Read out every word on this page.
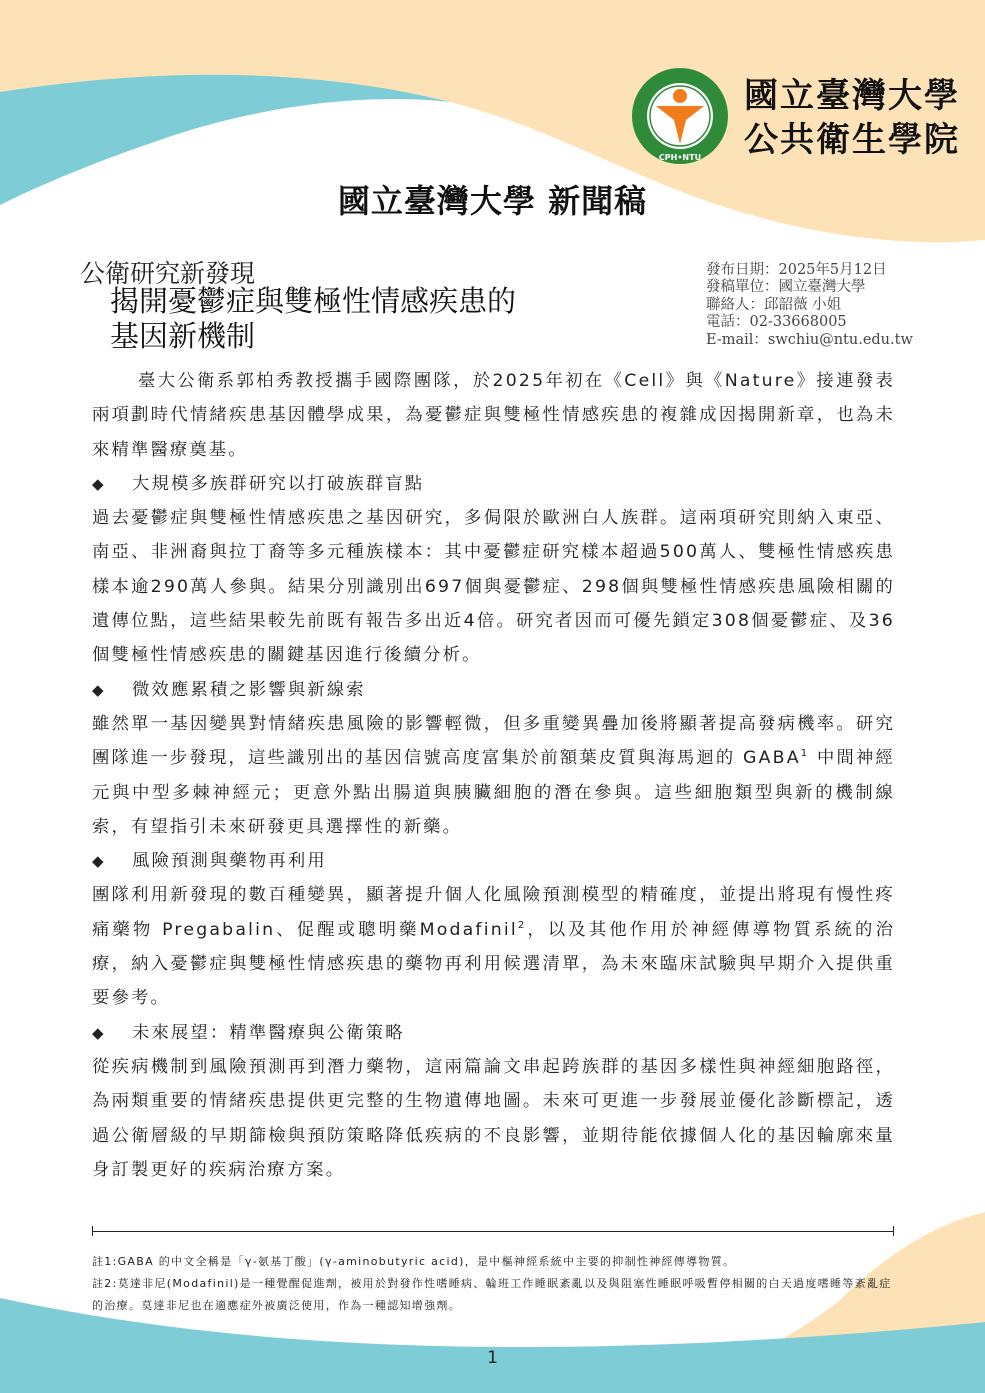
CPH•NTU
國立臺灣大學
公共衛生學院
國立臺灣大學 新聞稿
公衛研究新發現
揭開憂鬱症與雙極性情感疾患的
基因新機制
發布日期：2025年5月12日
發稿單位：國立臺灣大學
聯絡人：邱韶薇 小姐
電話：02-33668005
E-mail：swchiu@ntu.edu.tw

臺大公衛系郭柏秀教授攜手國際團隊，於2025年初在《Cell》與《Nature》接連發表兩項劃時代情緒疾患基因體學成果，為憂鬱症與雙極性情感疾患的複雜成因揭開新章，也為未來精準醫療奠基。

◆ 大規模多族群研究以打破族群盲點

過去憂鬱症與雙極性情感疾患之基因研究，多侷限於歐洲白人族群。這兩項研究則納入東亞、南亞、非洲裔與拉丁裔等多元種族樣本：其中憂鬱症研究樣本超過500萬人、雙極性情感疾患樣本逾290萬人參與。結果分別識別出697個與憂鬱症、298個與雙極性情感疾患風險相關的遺傳位點，這些結果較先前既有報告多出近4倍。研究者因而可優先鎖定308個憂鬱症、及36個雙極性情感疾患的關鍵基因進行後續分析。

◆ 微效應累積之影響與新線索

雖然單一基因變異對情緒疾患風險的影響輕微，但多重變異疊加後將顯著提高發病機率。研究團隊進一步發現，這些識別出的基因信號高度富集於前額葉皮質與海馬迴的 GABA$^1$ 中間神經元與中型多棘神經元；更意外點出腸道與胰臟細胞的潛在參與。這些細胞類型與新的機制線索，有望指引未來研發更具選擇性的新藥。

◆ 風險預測與藥物再利用

團隊利用新發現的數百種變異，顯著提升個人化風險預測模型的精確度，並提出將現有慢性疼痛藥物 Pregabalin、促醒或聰明藥Modafinil$^2$，以及其他作用於神經傳導物質系統的治療，納入憂鬱症與雙極性情感疾患的藥物再利用候選清單，為未來臨床試驗與早期介入提供重要參考。

◆ 未來展望：精準醫療與公衛策略

從疾病機制到風險預測再到潛力藥物，這兩篇論文串起跨族群的基因多樣性與神經細胞路徑，為兩類重要的情緒疾患提供更完整的生物遺傳地圖。未來可更進一步發展並優化診斷標記，透過公衛層級的早期篩檢與預防策略降低疾病的不良影響，並期待能依據個人化的基因輪廓來量身訂製更好的疾病治療方案。

註1:GABA 的中文全稱是「γ-氨基丁酸」(γ-aminobutyric acid)，是中樞神經系統中主要的抑制性神經傳導物質。

註2:莫達非尼(Modafinil)是一種覺醒促進劑，被用於對發作性嗜睡病、輪班工作睡眠紊亂以及與阻塞性睡眠呼吸暫停相關的白天過度嗜睡等紊亂症的治療。莫達非尼也在適應症外被廣泛使用，作為一種認知增強劑。

1
